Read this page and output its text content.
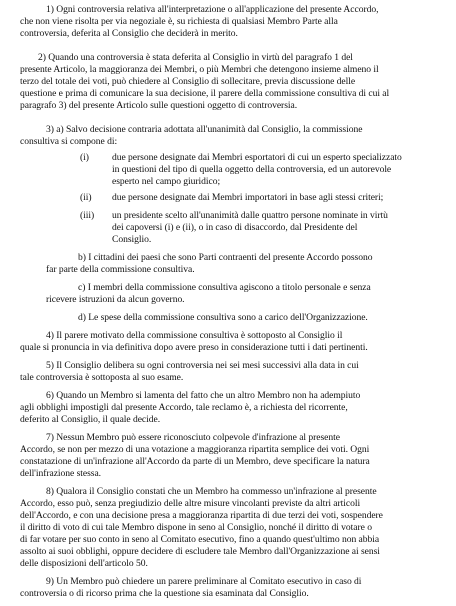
1) Ogni controversia relativa all'interpretazione o all'applicazione del presente Accordo,
che non viene risolta per via negoziale è, su richiesta di qualsiasi Membro Parte alla
controversia, deferita al Consiglio che deciderà in merito.
2) Quando una controversia è stata deferita al Consiglio in virtù del paragrafo 1 del
presente Articolo, la maggioranza dei Membri, o più Membri che detengono insieme almeno il
terzo del totale dei voti, può chiedere al Consiglio di sollecitare, previa discussione delle
questione e prima di comunicare la sua decisione, il parere della commissione consultiva di cui al
paragrafo 3) del presente Articolo sulle questioni oggetto di controversia.
3) a) Salvo decisione contraria adottata all'unanimità dal Consiglio, la commissione
consultiva si compone di:
(i) due persone designate dai Membri esportatori di cui un esperto specializzato
in questioni del tipo di quella oggetto della controversia, ed un autorevole
esperto nel campo giuridico;
(ii) due persone designate dai Membri importatori in base agli stessi criteri;
(iii) un presidente scelto all'unanimità dalle quattro persone nominate in virtù
dei capoversi (i) e (ii), o in caso di disaccordo, dal Presidente del
Consiglio.
b) I cittadini dei paesi che sono Parti contraenti del presente Accordo possono
far parte della commissione consultiva.
c) I membri della commissione consultiva agiscono a titolo personale e senza
ricevere istruzioni da alcun governo.
d) Le spese della commissione consultiva sono a carico dell'Organizzazione.
4) Il parere motivato della commissione consultiva è sottoposto al Consiglio il
quale si pronuncia in via definitiva dopo avere preso in considerazione tutti i dati pertinenti.
5) Il Consiglio delibera su ogni controversia nei sei mesi successivi alla data in cui
tale controversia è sottoposta al suo esame.
6) Quando un Membro si lamenta del fatto che un altro Membro non ha adempiuto
agli obblighi impostigli dal presente Accordo, tale reclamo è, a richiesta del ricorrente,
deferito al Consiglio, il quale decide.
7) Nessun Membro può essere riconosciuto colpevole d'infrazione al presente
Accordo, se non per mezzo di una votazione a maggioranza ripartita semplice dei voti. Ogni
constatazione di un'infrazione all'Accordo da parte di un Membro, deve specificare la natura
dell'infrazione stessa.
8) Qualora il Consiglio constati che un Membro ha commesso un'infrazione al presente
Accordo, esso può, senza pregiudizio delle altre misure vincolanti previste da altri articoli
dell'Accordo, e con una decisione presa a maggioranza ripartita di due terzi dei voti, sospendere
il diritto di voto di cui tale Membro dispone in seno al Consiglio, nonché il diritto di votare o
di far votare per suo conto in seno al Comitato esecutivo, fino a quando quest'ultimo non abbia
assolto ai suoi obblighi, oppure decidere di escludere tale Membro dall'Organizzazione ai sensi
delle disposizioni dell'articolo 50.
9) Un Membro può chiedere un parere preliminare al Comitato esecutivo in caso di
controversia o di ricorso prima che la questione sia esaminata dal Consiglio.
